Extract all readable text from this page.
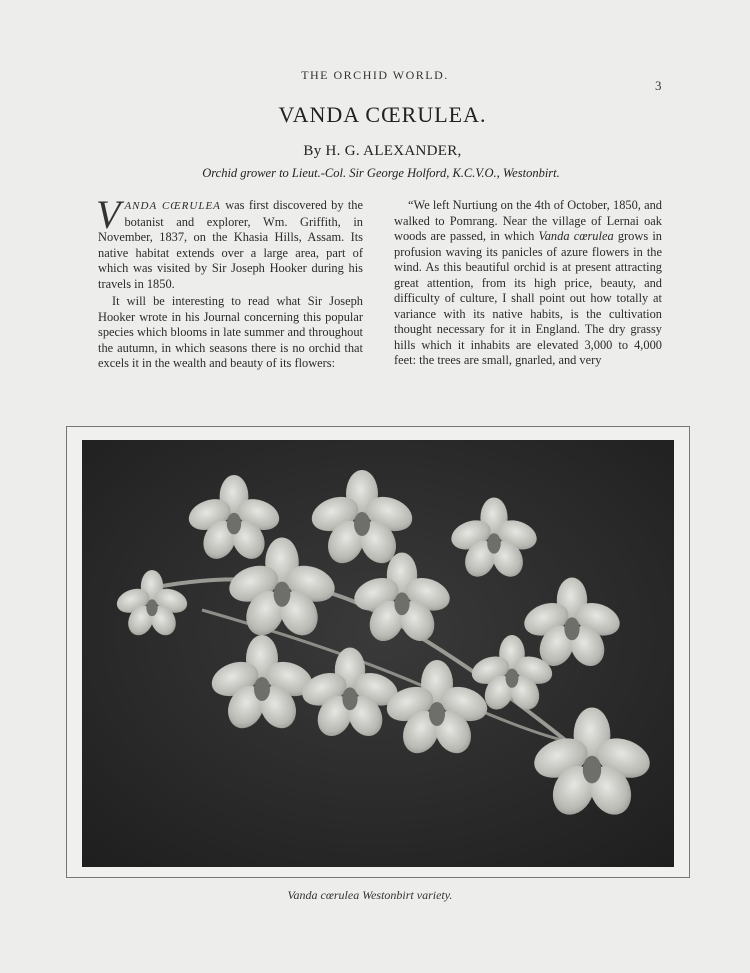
THE ORCHID WORLD.
3
VANDA CŒRULEA.
By H. G. ALEXANDER,
Orchid grower to Lieut.-Col. Sir George Holford, K.C.V.O., Westonbirt.

VANDA CŒRULEA was first discovered by the botanist and explorer, Wm. Griffith, in November, 1837, on the Khasia Hills, Assam. Its native habitat extends over a large area, part of which was visited by Sir Joseph Hooker during his travels in 1850.

It will be interesting to read what Sir Joseph Hooker wrote in his Journal concerning this popular species which blooms in late summer and throughout the autumn, in which seasons there is no orchid that excels it in the wealth and beauty of its flowers:

“We left Nurtiung on the 4th of October, 1850, and walked to Pomrang. Near the village of Lernai oak woods are passed, in which Vanda cœrulea grows in profusion waving its panicles of azure flowers in the wind. As this beautiful orchid is at present attracting great attention, from its high price, beauty, and difficulty of culture, I shall point out how totally at variance with its native habits, is the cultivation thought necessary for it in England. The dry grassy hills which it inhabits are elevated 3,000 to 4,000 feet: the trees are small, gnarled, and very

Vanda cœrulea Westonbirt variety.
